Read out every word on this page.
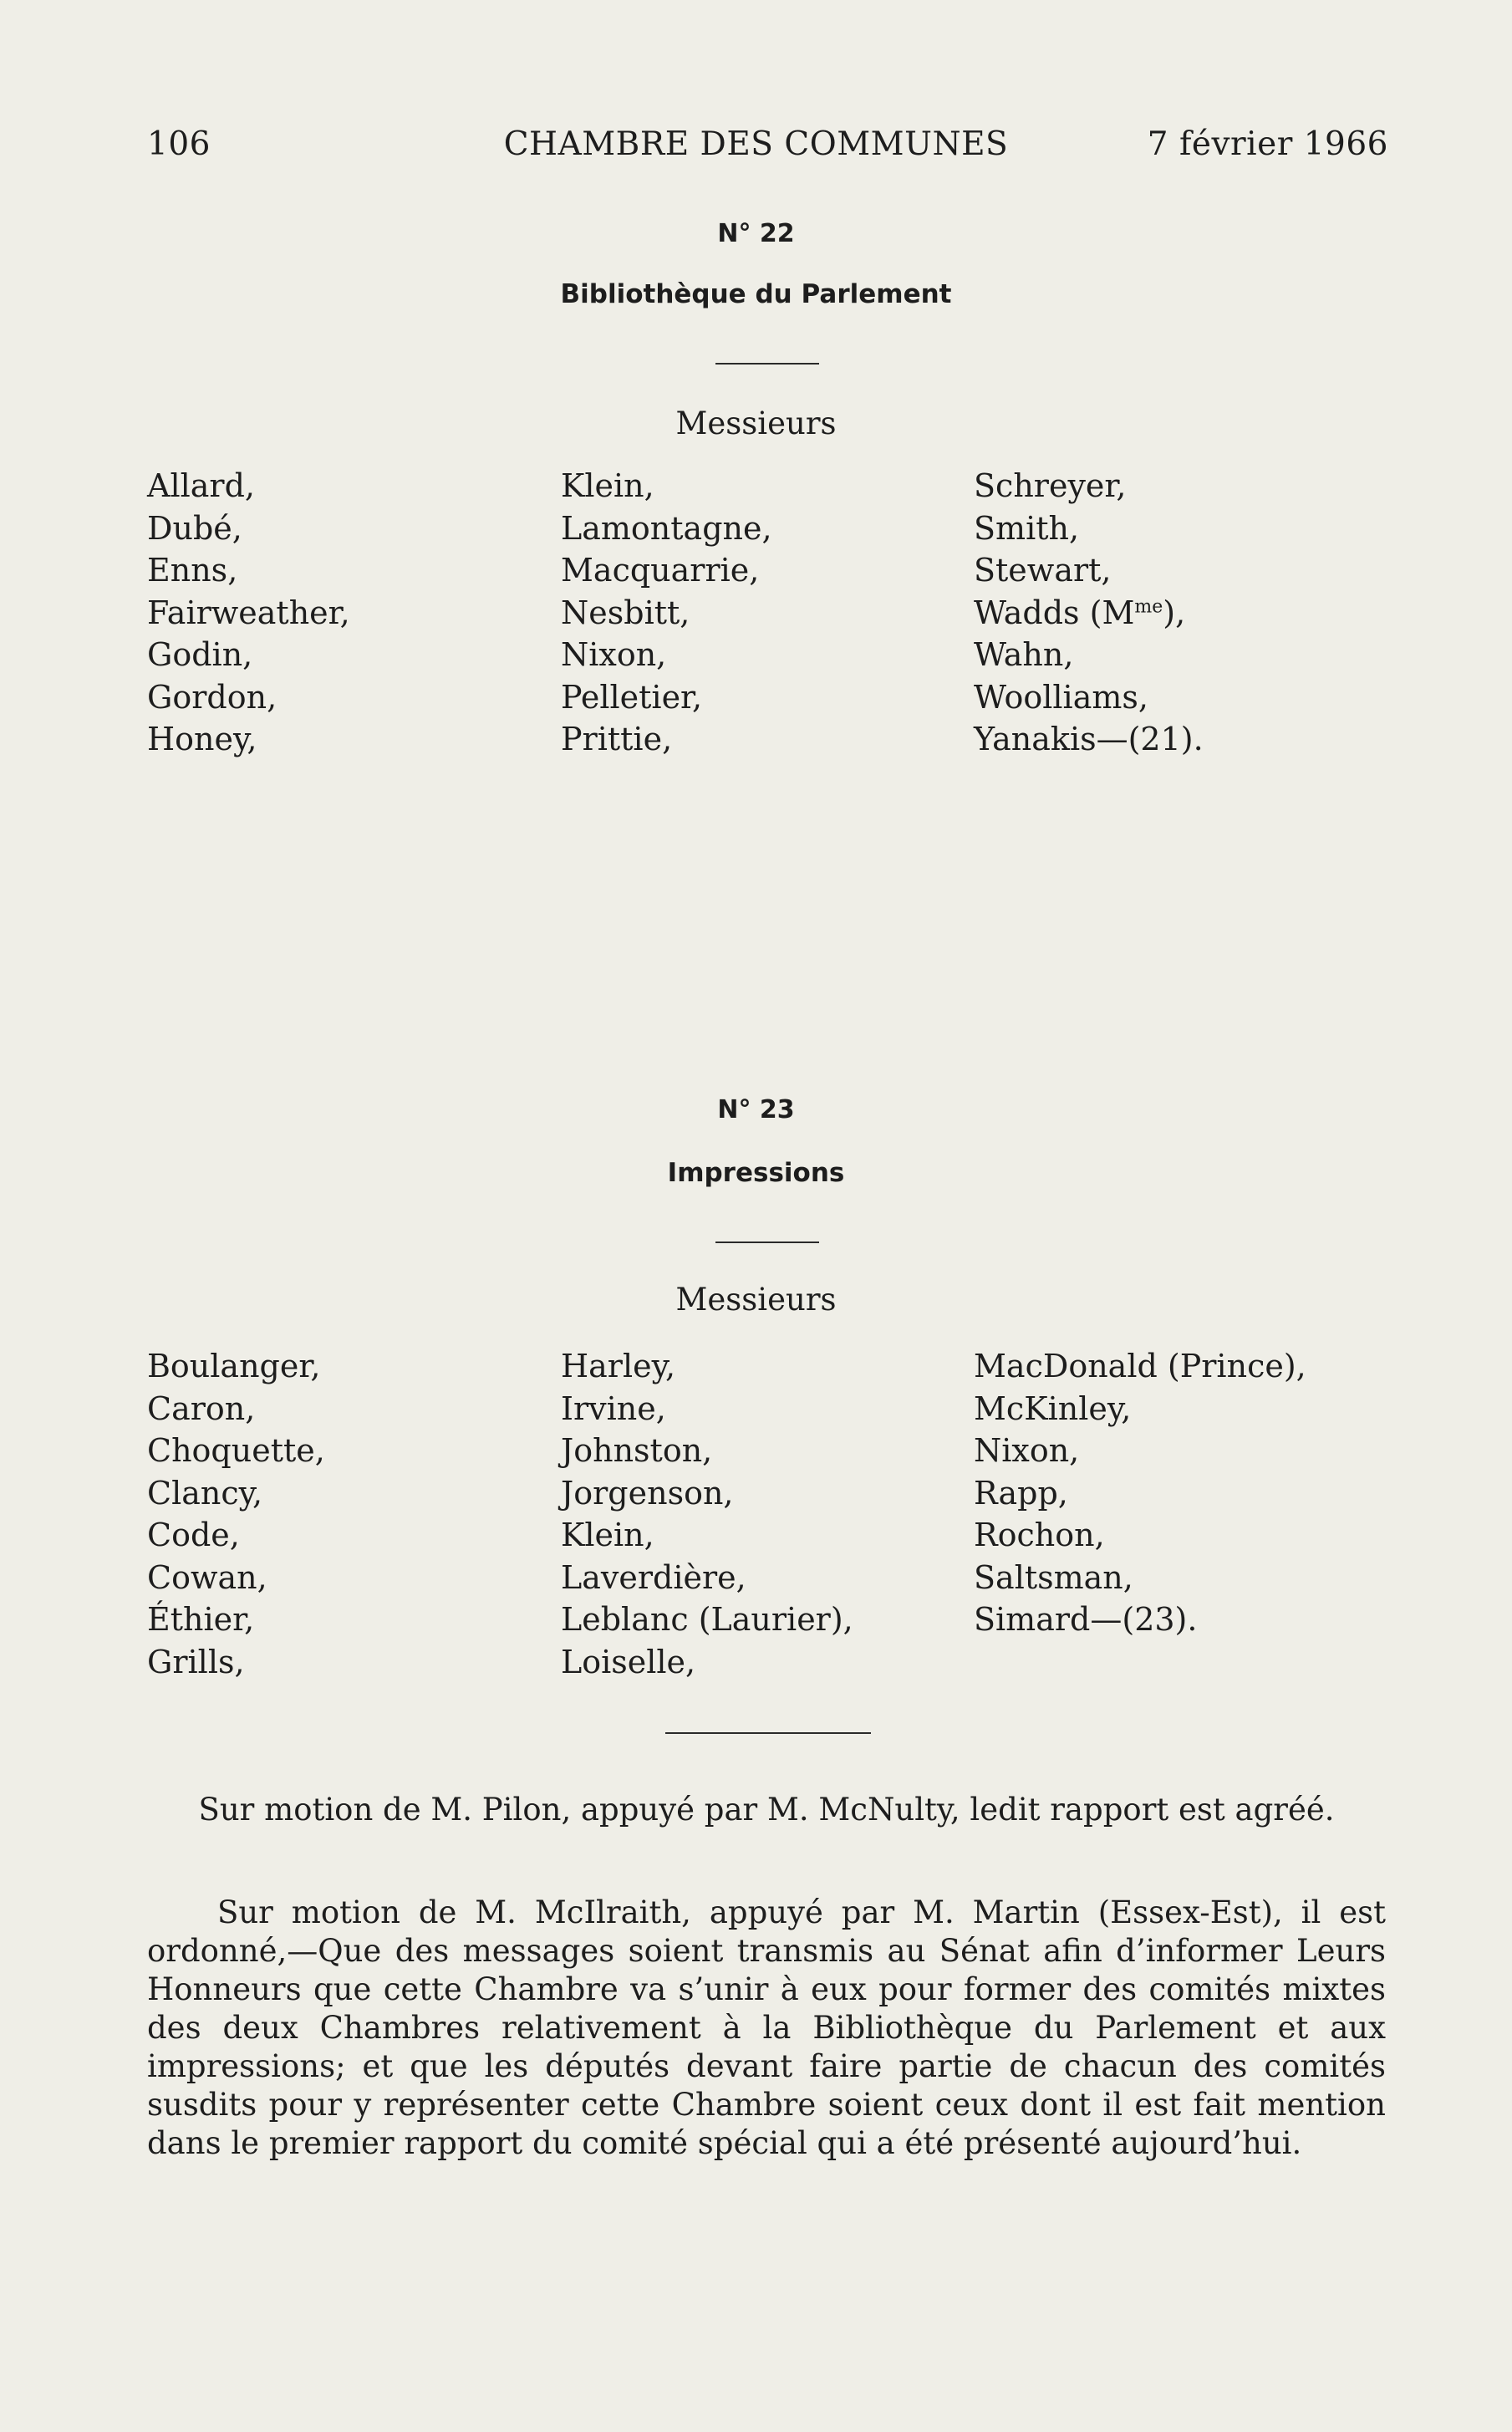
106	CHAMBRE DES COMMUNES	7 février 1966
N° 22
Bibliothèque du Parlement
Messieurs
Allard,
Dubé,
Enns,
Fairweather,
Godin,
Gordon,
Honey,
Klein,
Lamontagne,
Macquarrie,
Nesbitt,
Nixon,
Pelletier,
Prittie,
Schreyer,
Smith,
Stewart,
Wadds $(M^{me})$,
Wahn,
Woolliams,
Yanakis—(21).
N° 23
Impressions
Messieurs
Boulanger,
Caron,
Choquette,
Clancy,
Code,
Cowan,
Éthier,
Grills,
Harley,
Irvine,
Johnston,
Jorgenson,
Klein,
Laverdière,
Leblanc (Laurier),
Loiselle,
MacDonald (Prince),
McKinley,
Nixon,
Rapp,
Rochon,
Saltsman,
Simard—(23).

Sur motion de M. Pilon, appuyé par M. McNulty, ledit rapport est agréé.

Sur motion de M. McIlraith, appuyé par M. Martin (Essex-Est), il est ordonné,—Que des messages soient transmis au Sénat afin d’informer Leurs Honneurs que cette Chambre va s’unir à eux pour former des comités mixtes des deux Chambres relativement à la Bibliothèque du Parlement et aux impressions; et que les députés devant faire partie de chacun des comités susdits pour y représenter cette Chambre soient ceux dont il est fait mention dans le premier rapport du comité spécial qui a été présenté aujourd’hui.
